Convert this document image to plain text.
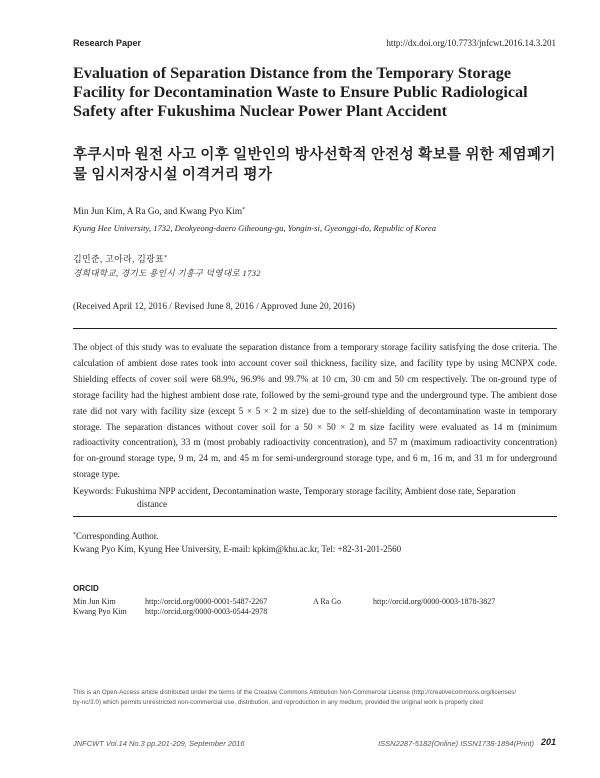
Research Paper	http://dx.doi.org/10.7733/jnfcwt.2016.14.3.201
Evaluation of Separation Distance from the Temporary Storage Facility for Decontamination Waste to Ensure Public Radiological Safety after Fukushima Nuclear Power Plant Accident
후쿠시마 원전 사고 이후 일반인의 방사선학적 안전성 확보를 위한 제염폐기물 임시저장시설 이격거리 평가
Min Jun Kim, A Ra Go, and Kwang Pyo Kim*
Kyung Hee University, 1732, Deokyeong-daero Giheoung-gu, Yongin-si, Gyeonggi-do, Republic of Korea
김민준, 고아라, 김광표*
경희대학교, 경기도 용인시 기흥구 덕영대로 1732
(Received April 12, 2016 / Revised June 8, 2016 / Approved June 20, 2016)
The object of this study was to evaluate the separation distance from a temporary storage facility satisfying the dose criteria. The calculation of ambient dose rates took into account cover soil thickness, facility size, and facility type by using MCNPX code. Shielding effects of cover soil were 68.9%, 96.9% and 99.7% at 10 cm, 30 cm and 50 cm respectively. The on-ground type of storage facility had the highest ambient dose rate, followed by the semi-ground type and the underground type. The ambient dose rate did not vary with facility size (except 5 × 5 × 2 m size) due to the self-shielding of decontamination waste in temporary storage. The separation distances without cover soil for a 50 × 50 × 2 m size facility were evaluated as 14 m (minimum radioactivity concentration), 33 m (most probably radioactivity concentration), and 57 m (maximum radioactivity concentration) for on-ground storage type, 9 m, 24 m, and 45 m for semi-underground storage type, and 6 m, 16 m, and 31 m for underground storage type.
Keywords: Fukushima NPP accident, Decontamination waste, Temporary storage facility, Ambient dose rate, Separation
distance
*Corresponding Author.
Kwang Pyo Kim, Kyung Hee University, E-mail: kpkim@khu.ac.kr, Tel: +82-31-201-2560
ORCID
Min Jun Kim	http://orcid.org/0000-0001-5487-2267	A Ra Go	http://orcid.org/0000-0003-1878-3827
Kwang Pyo Kim http://orcid.org/0000-0003-0544-2978
This is an Open-Access article distributed under the terms of the Creative Commons Attribution Non-Commercial License (http://creativecommons.org/licenses/
by-nc/3.0) which permits unrestricted non-commercial use, distribution, and reproduction in any medium, provided the original work is properly cited
JNFCWT Vol.14 No.3 pp.201-209, September 2016	ISSN2287-5182(Online) ISSN1738-1894(Print) 201
